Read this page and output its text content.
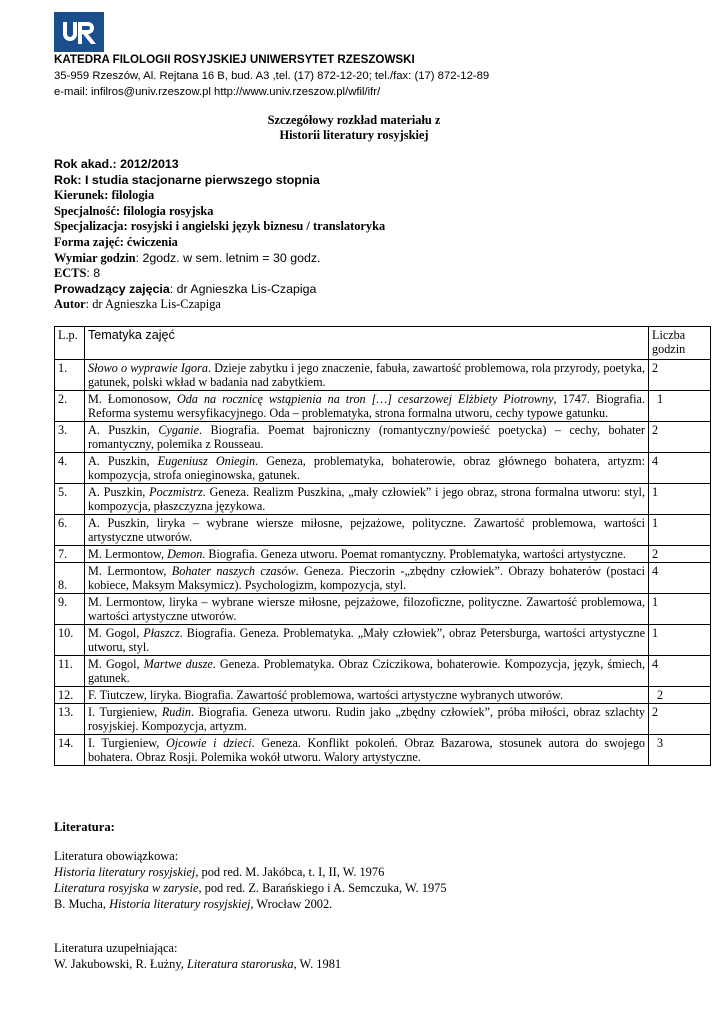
KATEDRA FILOLOGII ROSYJSKIEJ UNIWERSYTET RZESZOWSKI
35-959 Rzeszów, Al. Rejtana 16 B, bud. A3 ,tel. (17) 872-12-20; tel./fax: (17) 872-12-89
e-mail: infilros@univ.rzeszow.pl http://www.univ.rzeszow.pl/wfil/ifr/
Szczegółowy rozkład materiału z
Historii literatury rosyjskiej
Rok akad.: 2012/2013
Rok: I studia stacjonarne pierwszego stopnia
Kierunek: filologia
Specjalność: filologia rosyjska
Specjalizacja: rosyjski i angielski język biznesu / translatoryka
Forma zajęć: ćwiczenia
Wymiar godzin: 2godz. w sem. letnim = 30 godz.
ECTS: 8
Prowadzący zajęcia: dr Agnieszka Lis-Czapiga
Autor: dr Agnieszka Lis-Czapiga
L.p.	Tematyka zajęć	Liczba godzin
1.	Słowo o wyprawie Igora. Dzieje zabytku i jego znaczenie, fabuła, zawartość problemowa, rola przyrody, poetyka, gatunek, polski wkład w badania nad zabytkiem.	2
2.	M. Łomonosow, Oda na rocznicę wstąpienia na tron […] cesarzowej Elżbiety Piotrowny, 1747. Biografia. Reforma systemu wersyfikacyjnego. Oda – problematyka, strona formalna utworu, cechy typowe gatunku.	1
3.	A. Puszkin, Cyganie. Biografia. Poemat bajroniczny (romantyczny/powieść poetycka) – cechy, bohater romantyczny, polemika z Rousseau.	2
4.	A. Puszkin, Eugeniusz Oniegin. Geneza, problematyka, bohaterowie, obraz głównego bohatera, artyzm: kompozycja, strofa onieginowska, gatunek.	4
5.	A. Puszkin, Poczmistrz. Geneza. Realizm Puszkina, „mały człowiek” i jego obraz, strona formalna utworu: styl, kompozycja, płaszczyzna językowa.	1
6.	A. Puszkin, liryka – wybrane wiersze miłosne, pejzażowe, polityczne. Zawartość problemowa, wartości artystyczne utworów.	1
7.	M. Lermontow, Demon. Biografia. Geneza utworu. Poemat romantyczny. Problematyka, wartości artystyczne.	2
8.	M. Lermontow, Bohater naszych czasów. Geneza. Pieczorin -„zbędny człowiek”. Obrazy bohaterów (postaci kobiece, Maksym Maksymicz). Psychologizm, kompozycja, styl.	4
9.	M. Lermontow, liryka – wybrane wiersze miłosne, pejzażowe, filozoficzne, polityczne. Zawartość problemowa, wartości artystyczne utworów.	1
10.	M. Gogol, Płaszcz. Biografia. Geneza. Problematyka. „Mały człowiek”, obraz Petersburga, wartości artystyczne utworu, styl.	1
11.	M. Gogol, Martwe dusze. Geneza. Problematyka. Obraz Cziczikowa, bohaterowie. Kompozycja, język, śmiech, gatunek.	4
12.	F. Tiutczew, liryka. Biografia. Zawartość problemowa, wartości artystyczne wybranych utworów.	2
13.	I. Turgieniew, Rudin. Biografia. Geneza utworu. Rudin jako „zbędny człowiek”, próba miłości, obraz szlachty rosyjskiej. Kompozycja, artyzm.	2
14.	I. Turgieniew, Ojcowie i dzieci. Geneza. Konflikt pokoleń. Obraz Bazarowa, stosunek autora do swojego bohatera. Obraz Rosji. Polemika wokół utworu. Walory artystyczne.	3
Literatura:
Literatura obowiązkowa:
Historia literatury rosyjskiej, pod red. M. Jakóbca, t. I, II, W. 1976
Literatura rosyjska w zarysie, pod red. Z. Barańskiego i A. Semczuka, W. 1975
B. Mucha, Historia literatury rosyjskiej, Wrocław 2002.
Literatura uzupełniająca:
W. Jakubowski, R. Łużny, Literatura staroruska, W. 1981
